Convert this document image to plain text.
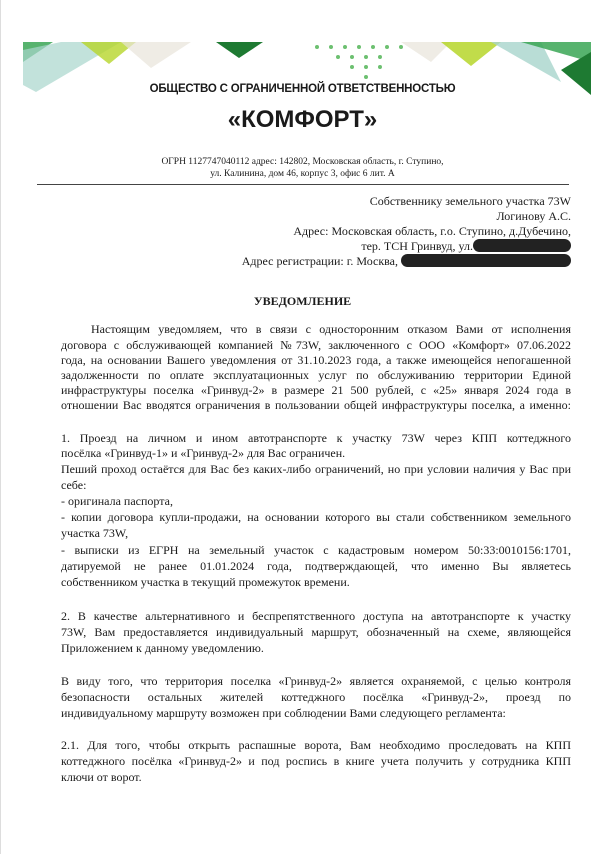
ОБЩЕСТВО С ОГРАНИЧЕННОЙ ОТВЕТСТВЕННОСТЬЮ
«КОМФОРТ»
ОГРН 1127747040112 адрес: 142802, Московская область, г. Ступино,
ул. Калинина, дом 46, корпус 3, офис 6 лит. А
Собственнику земельного участка 73W
Логинову А.С.
Адрес: Московская область, г.о. Ступино, д.Дубечино,
тер. ТСН Гринвуд, ул.
Адрес регистрации: г. Москва,
УВЕДОМЛЕНИЕ
Настоящим уведомляем, что в связи с односторонним отказом Вами от исполнения
договора с обслуживающей компанией №73W, заключенного с ООО «Комфорт» 07.06.2022
года, на основании Вашего уведомления от 31.10.2023 года, а также имеющейся непогашенной
задолженности по оплате эксплуатационных услуг по обслуживанию территории Единой
инфраструктуры поселка «Гринвуд-2» в размере 21 500 рублей, с «25» января 2024 года в
отношении Вас вводятся ограничения в пользовании общей инфраструктуры поселка, а именно:
1. Проезд на личном и ином автотранспорте к участку 73W через КПП коттеджного
посёлка «Гринвуд-1» и «Гринвуд-2» для Вас ограничен.
Пеший проход остаётся для Вас без каких-либо ограничений, но при условии наличия у Вас при
себе:
- оригинала паспорта,
- копии договора купли-продажи, на основании которого вы стали собственником земельного
участка 73W,
- выписки из ЕГРН на земельный участок с кадастровым номером 50:33:0010156:1701,
датируемой не ранее 01.01.2024 года, подтверждающей, что именно Вы являетесь
собственником участка в текущий промежуток времени.
2. В качестве альтернативного и беспрепятственного доступа на автотранспорте к участку
73W, Вам предоставляется индивидуальный маршрут, обозначенный на схеме, являющейся
Приложением к данному уведомлению.
В виду того, что территория поселка «Гринвуд-2» является охраняемой, с целью контроля
безопасности остальных жителей коттеджного посёлка «Гринвуд-2», проезд по
индивидуальному маршруту возможен при соблюдении Вами следующего регламента:
2.1. Для того, чтобы открыть распашные ворота, Вам необходимо проследовать на КПП
коттеджного посёлка «Гринвуд-2» и под роспись в книге учета получить у сотрудника КПП
ключи от ворот.
